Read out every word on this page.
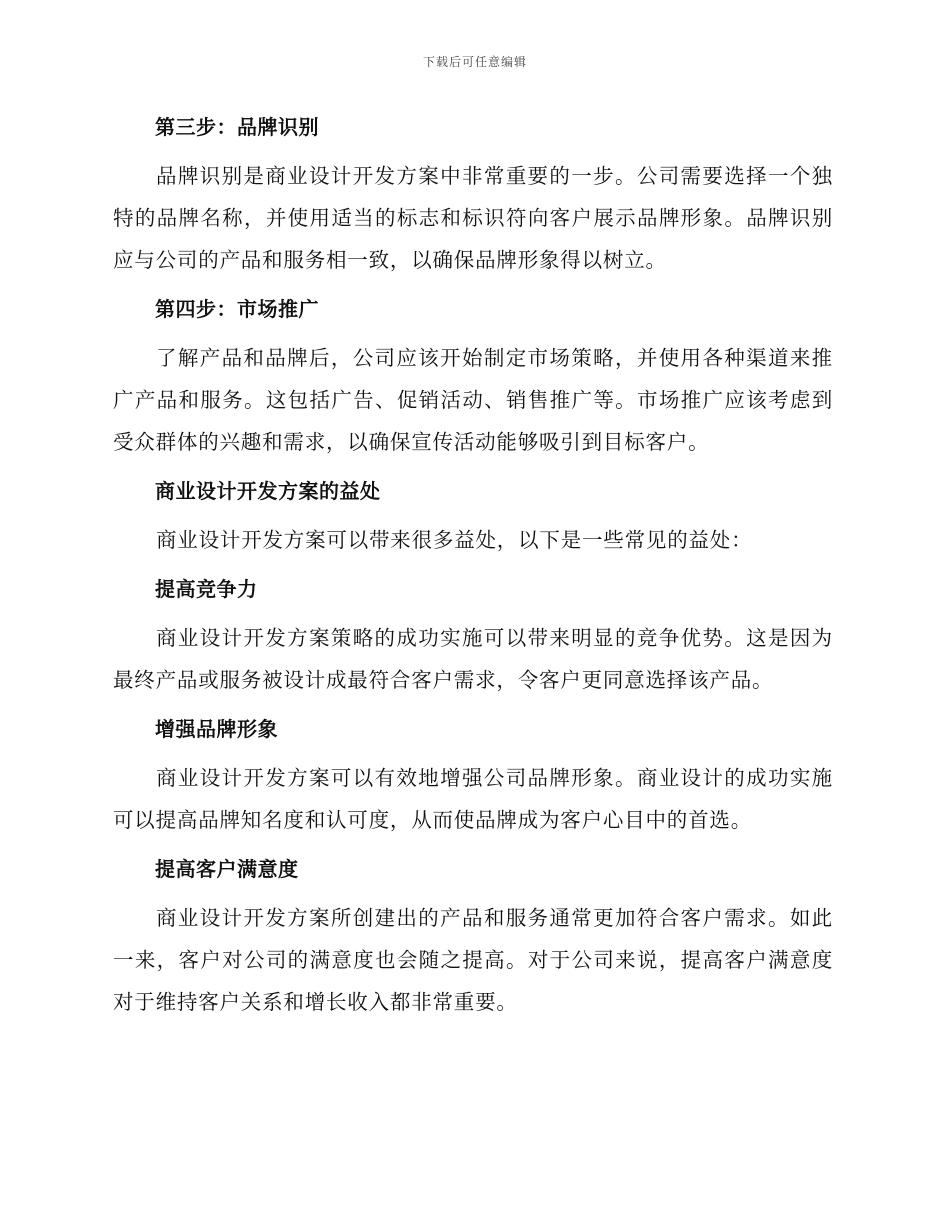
下载后可任意编辑
第三步：品牌识别

品牌识别是商业设计开发方案中非常重要的一步。公司需要选择一个独特的品牌名称，并使用适当的标志和标识符向客户展示品牌形象。品牌识别应与公司的产品和服务相一致，以确保品牌形象得以树立。

第四步：市场推广

了解产品和品牌后，公司应该开始制定市场策略，并使用各种渠道来推广产品和服务。这包括广告、促销活动、销售推广等。市场推广应该考虑到受众群体的兴趣和需求，以确保宣传活动能够吸引到目标客户。

商业设计开发方案的益处

商业设计开发方案可以带来很多益处，以下是一些常见的益处：

提高竞争力

商业设计开发方案策略的成功实施可以带来明显的竞争优势。这是因为最终产品或服务被设计成最符合客户需求，令客户更同意选择该产品。

增强品牌形象

商业设计开发方案可以有效地增强公司品牌形象。商业设计的成功实施可以提高品牌知名度和认可度，从而使品牌成为客户心目中的首选。

提高客户满意度

商业设计开发方案所创建出的产品和服务通常更加符合客户需求。如此一来，客户对公司的满意度也会随之提高。对于公司来说，提高客户满意度对于维持客户关系和增长收入都非常重要。
